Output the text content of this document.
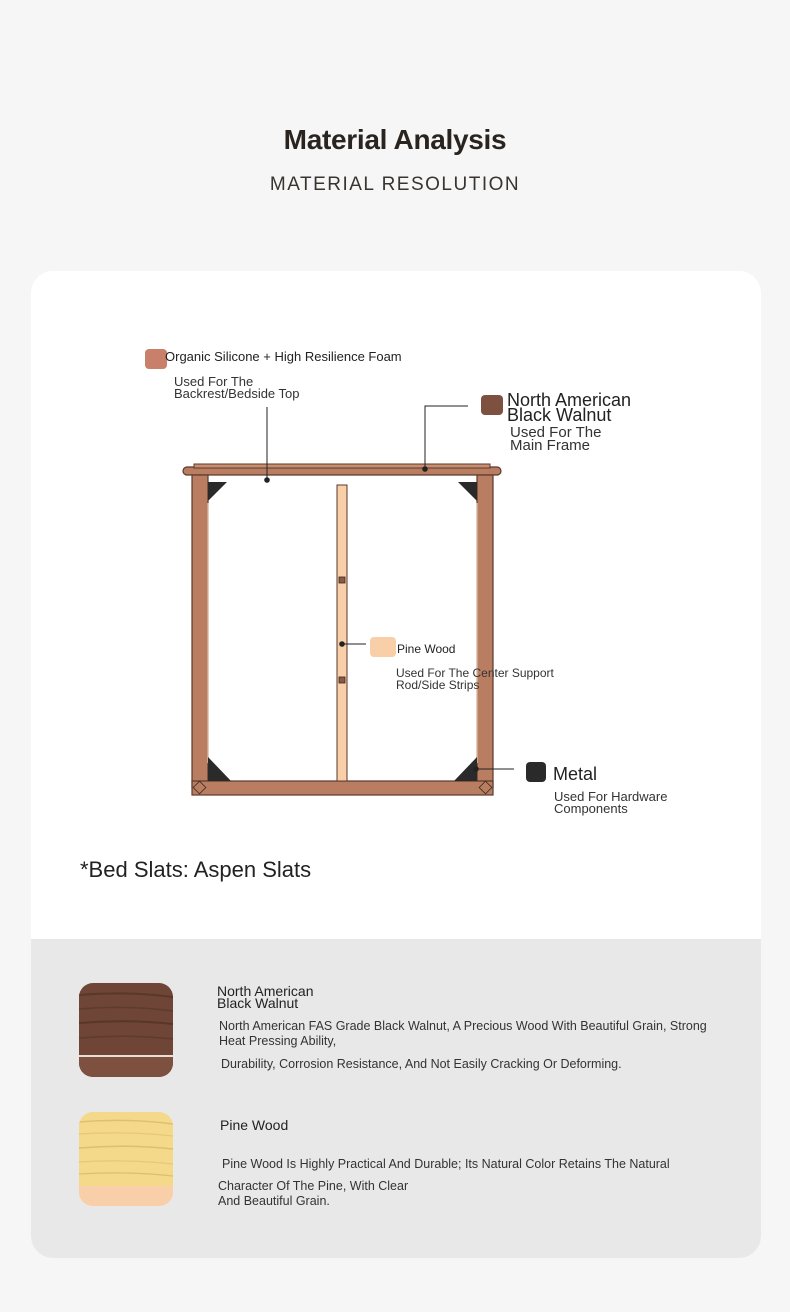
Material Analysis
MATERIAL RESOLUTION
Organic Silicone + High Resilience Foam
Used For The
Backrest/Bedside Top	North American
Black Walnut
Used For The
Main Frame
Pine Wood
Used For The Center Support
Rod/Side Strips
Metal
Used For Hardware
Components
*Bed Slats: Aspen Slats
North American
Black Walnut
North American FAS Grade Black Walnut, A Precious Wood With Beautiful Grain, Strong
Heat Pressing Ability,
Durability, Corrosion Resistance, And Not Easily Cracking Or Deforming.
Pine Wood
Pine Wood Is Highly Practical And Durable; Its Natural Color Retains The Natural
Character Of The Pine, With Clear
And Beautiful Grain.
